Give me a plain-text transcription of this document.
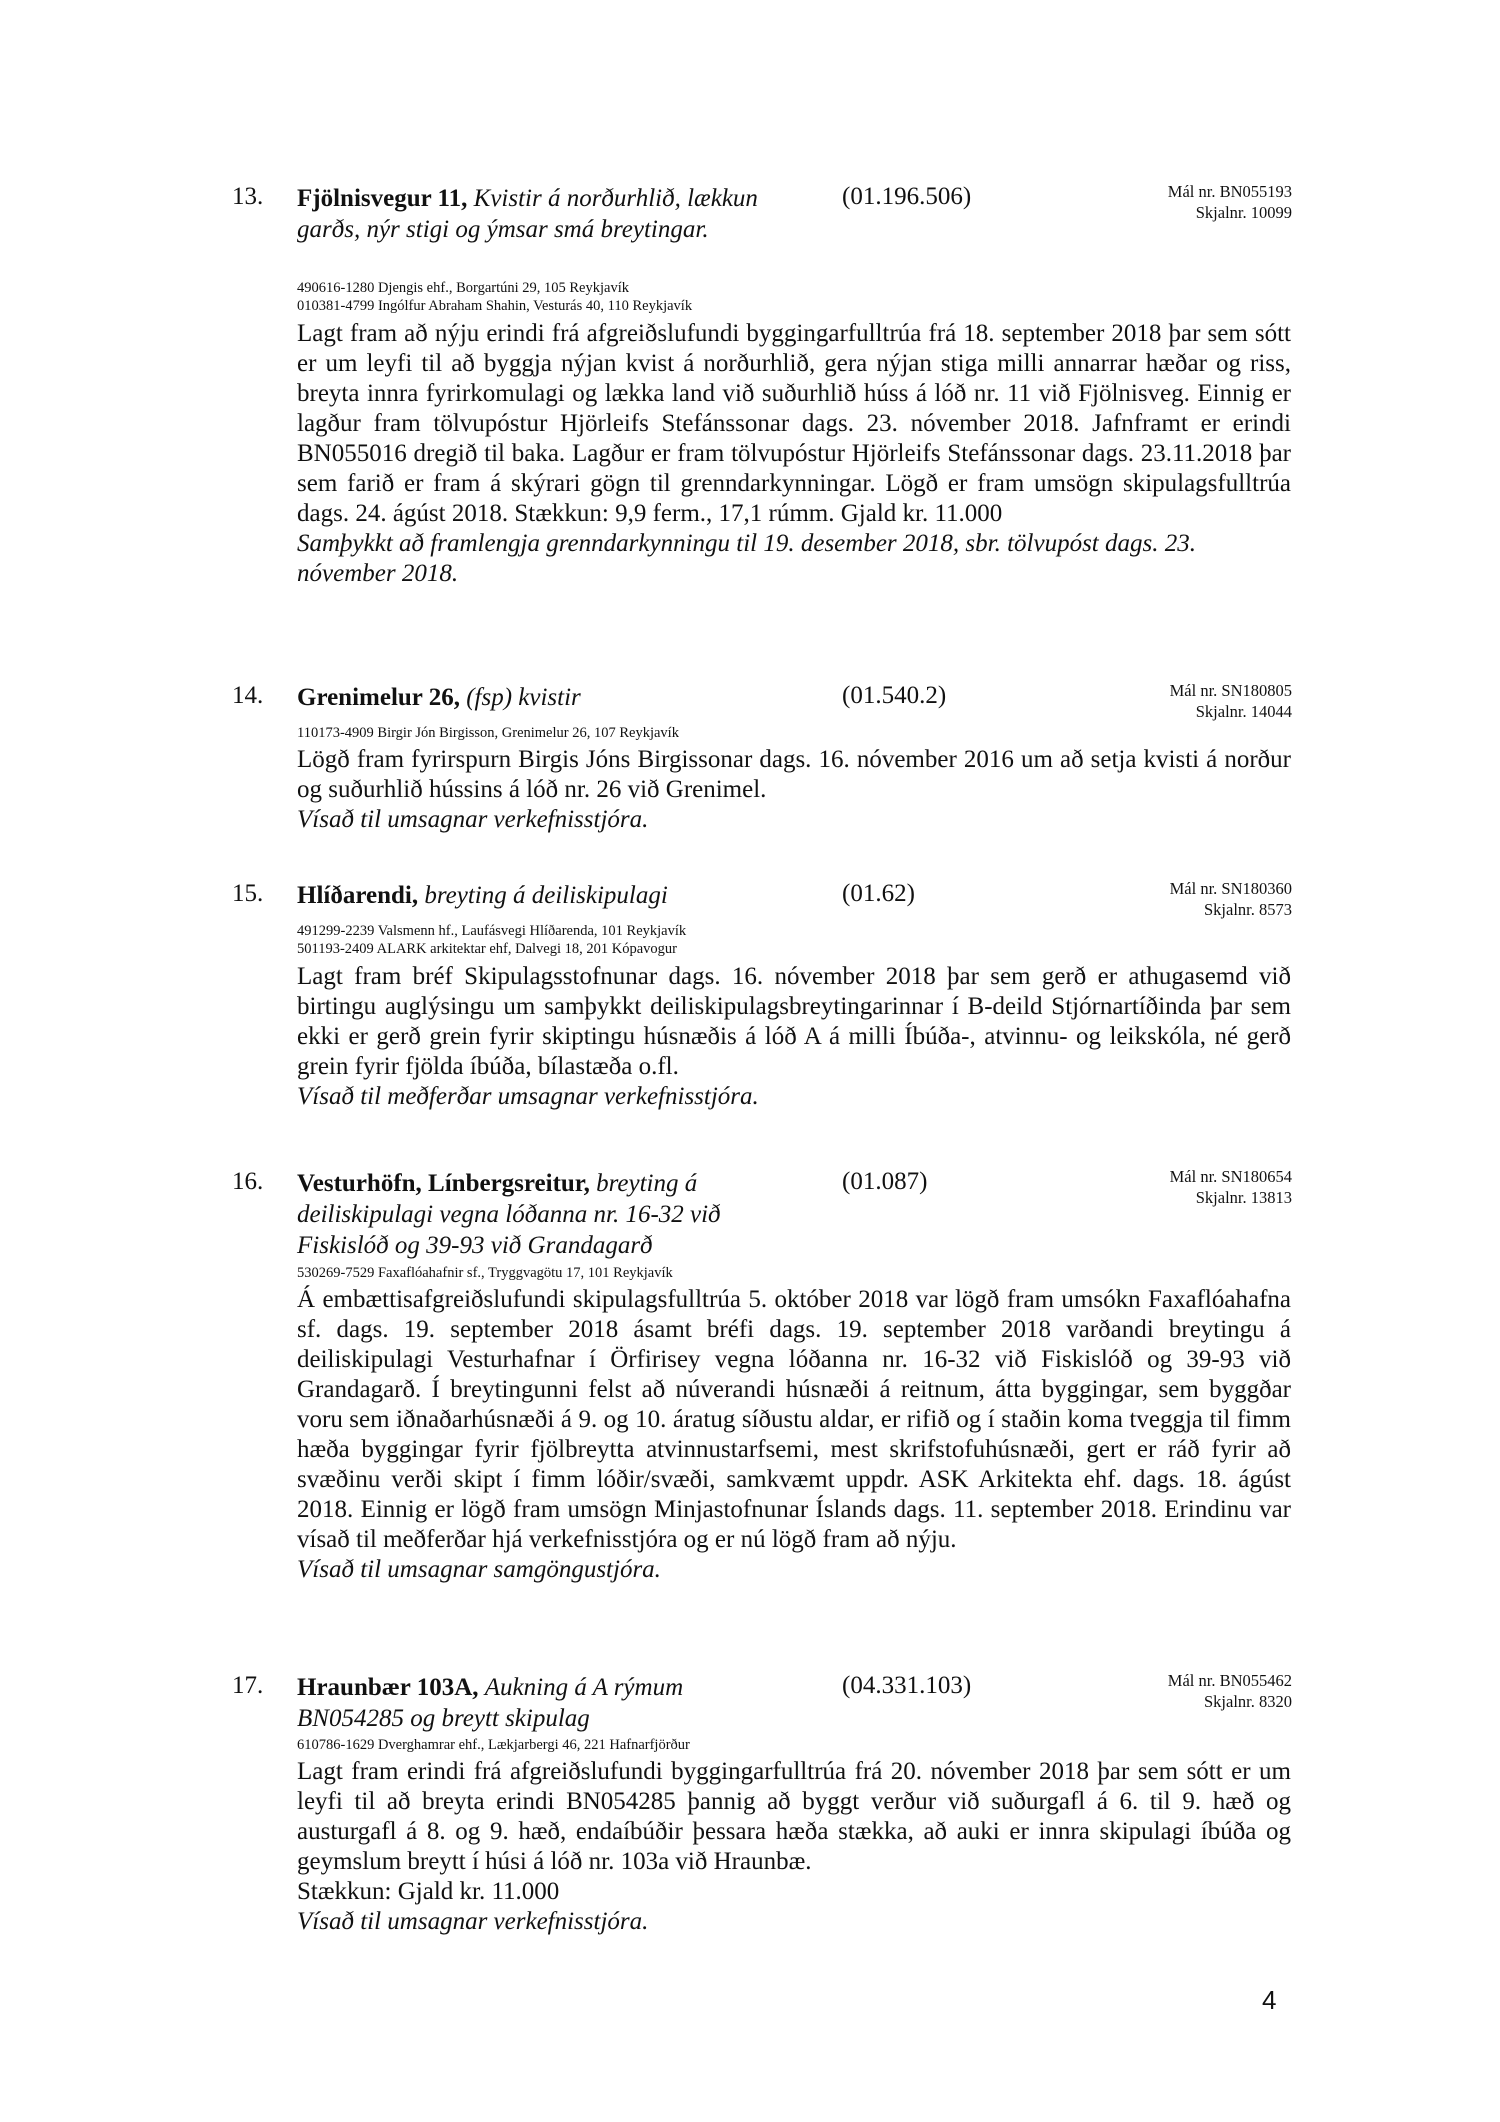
13. Fjölnisvegur 11, Kvistir á norðurhlið, lækkun garðs, nýr stigi og ýmsar smá breytingar.
(01.196.506)	Mál nr. BN055193
Skjalnr. 10099
490616-1280 Djengis ehf., Borgartúni 29, 105 Reykjavík
010381-4799 Ingólfur Abraham Shahin, Vesturás 40, 110 Reykjavík

Lagt fram að nýju erindi frá afgreiðslufundi byggingarfulltrúa frá 18. september 2018 þar sem sótt er um leyfi til að byggja nýjan kvist á norðurhlið, gera nýjan stiga milli annarrar hæðar og riss, breyta innra fyrirkomulagi og lækka land við suðurhlið húss á lóð nr. 11 við Fjölnisveg. Einnig er lagður fram tölvupóstur Hjörleifs Stefánssonar dags. 23. nóvember 2018. Jafnframt er erindi BN055016 dregið til baka. Lagður er fram tölvupóstur Hjörleifs Stefánssonar dags. 23.11.2018 þar sem farið er fram á skýrari gögn til grenndarkynningar. Lögð er fram umsögn skipulagsfulltrúa dags. 24. ágúst 2018. Stækkun: 9,9 ferm., 17,1 rúmm. Gjald kr. 11.000

Samþykkt að framlengja grenndarkynningu til 19. desember 2018, sbr. tölvupóst dags. 23. nóvember 2018.

14. Grenimelur 26, (fsp) kvistir	(01.540.2)	Mál nr. SN180805
Skjalnr. 14044
110173-4909 Birgir Jón Birgisson, Grenimelur 26, 107 Reykjavík

Lögð fram fyrirspurn Birgis Jóns Birgissonar dags. 16. nóvember 2016 um að setja kvisti á norður og suðurhlið hússins á lóð nr. 26 við Grenimel.

Vísað til umsagnar verkefnisstjóra.

15. Hlíðarendi, breyting á deiliskipulagi	(01.62)	Mál nr. SN180360
Skjalnr. 8573
491299-2239 Valsmenn hf., Laufásvegi Hlíðarenda, 101 Reykjavík
501193-2409 ALARK arkitektar ehf, Dalvegi 18, 201 Kópavogur

Lagt fram bréf Skipulagsstofnunar dags. 16. nóvember 2018 þar sem gerð er athugasemd við birtingu auglýsingu um samþykkt deiliskipulagsbreytingarinnar í B-deild Stjórnartíðinda þar sem ekki er gerð grein fyrir skiptingu húsnæðis á lóð A á milli Íbúða-, atvinnu- og leikskóla, né gerð grein fyrir fjölda íbúða, bílastæða o.fl.

Vísað til meðferðar umsagnar verkefnisstjóra.

16. Vesturhöfn, Línbergsreitur, breyting á deiliskipulagi vegna lóðanna nr. 16-32 við Fiskislóð og 39-93 við Grandagarð
(01.087)	Mál nr. SN180654
Skjalnr. 13813
530269-7529 Faxaflóahafnir sf., Tryggvagötu 17, 101 Reykjavík

Á embættisafgreiðslufundi skipulagsfulltrúa 5. október 2018 var lögð fram umsókn Faxaflóahafna sf. dags. 19. september 2018 ásamt bréfi dags. 19. september 2018 varðandi breytingu á deiliskipulagi Vesturhafnar í Örfirisey vegna lóðanna nr. 16-32 við Fiskislóð og 39-93 við Grandagarð. Í breytingunni felst að núverandi húsnæði á reitnum, átta byggingar, sem byggðar voru sem iðnaðarhúsnæði á 9. og 10. áratug síðustu aldar, er rifið og í staðin koma tveggja til fimm hæða byggingar fyrir fjölbreytta atvinnustarfsemi, mest skrifstofuhúsnæði, gert er ráð fyrir að svæðinu verði skipt í fimm lóðir/svæði, samkvæmt uppdr. ASK Arkitekta ehf. dags. 18. ágúst 2018. Einnig er lögð fram umsögn Minjastofnunar Íslands dags. 11. september 2018. Erindinu var vísað til meðferðar hjá verkefnisstjóra og er nú lögð fram að nýju.

Vísað til umsagnar samgöngustjóra.

17. Hraunbær 103A, Aukning á A rýmum BN054285 og breytt skipulag
(04.331.103)	Mál nr. BN055462
Skjalnr. 8320
610786-1629 Dverghamrar ehf., Lækjarbergi 46, 221 Hafnarfjörður

Lagt fram erindi frá afgreiðslufundi byggingarfulltrúa frá 20. nóvember 2018 þar sem sótt er um leyfi til að breyta erindi BN054285 þannig að byggt verður við suðurgafl á 6. til 9. hæð og austurgafl á 8. og 9. hæð, endaíbúðir þessara hæða stækka, að auki er innra skipulagi íbúða og geymslum breytt í húsi á lóð nr. 103a við Hraunbæ.

Stækkun: Gjald kr. 11.000

Vísað til umsagnar verkefnisstjóra.

4
